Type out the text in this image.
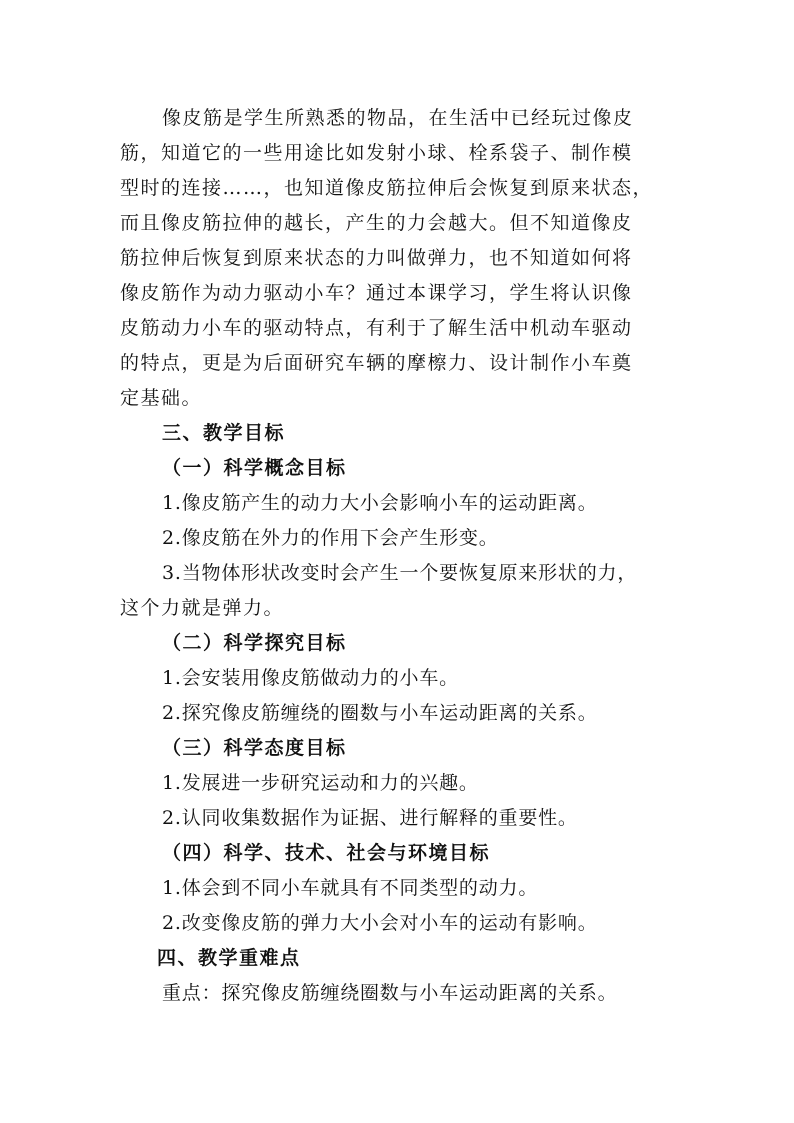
像皮筋是学生所熟悉的物品，在生活中已经玩过像皮
筋，知道它的一些用途比如发射小球、栓系袋子、制作模
型时的连接……，也知道像皮筋拉伸后会恢复到原来状态，
而且像皮筋拉伸的越长，产生的力会越大。但不知道像皮
筋拉伸后恢复到原来状态的力叫做弹力，也不知道如何将
像皮筋作为动力驱动小车？通过本课学习，学生将认识像
皮筋动力小车的驱动特点，有利于了解生活中机动车驱动
的特点，更是为后面研究车辆的摩檫力、设计制作小车奠
定基础。
三、教学目标
（一）科学概念目标
1.像皮筋产生的动力大小会影响小车的运动距离。
2.像皮筋在外力的作用下会产生形变。
3.当物体形状改变时会产生一个要恢复原来形状的力，
这个力就是弹力。
（二）科学探究目标
1.会安装用像皮筋做动力的小车。
2.探究像皮筋缠绕的圈数与小车运动距离的关系。
（三）科学态度目标
1.发展进一步研究运动和力的兴趣。
2.认同收集数据作为证据、进行解释的重要性。
（四）科学、技术、社会与环境目标
1.体会到不同小车就具有不同类型的动力。
2.改变像皮筋的弹力大小会对小车的运动有影响。
四、教学重难点
重点：探究像皮筋缠绕圈数与小车运动距离的关系。
